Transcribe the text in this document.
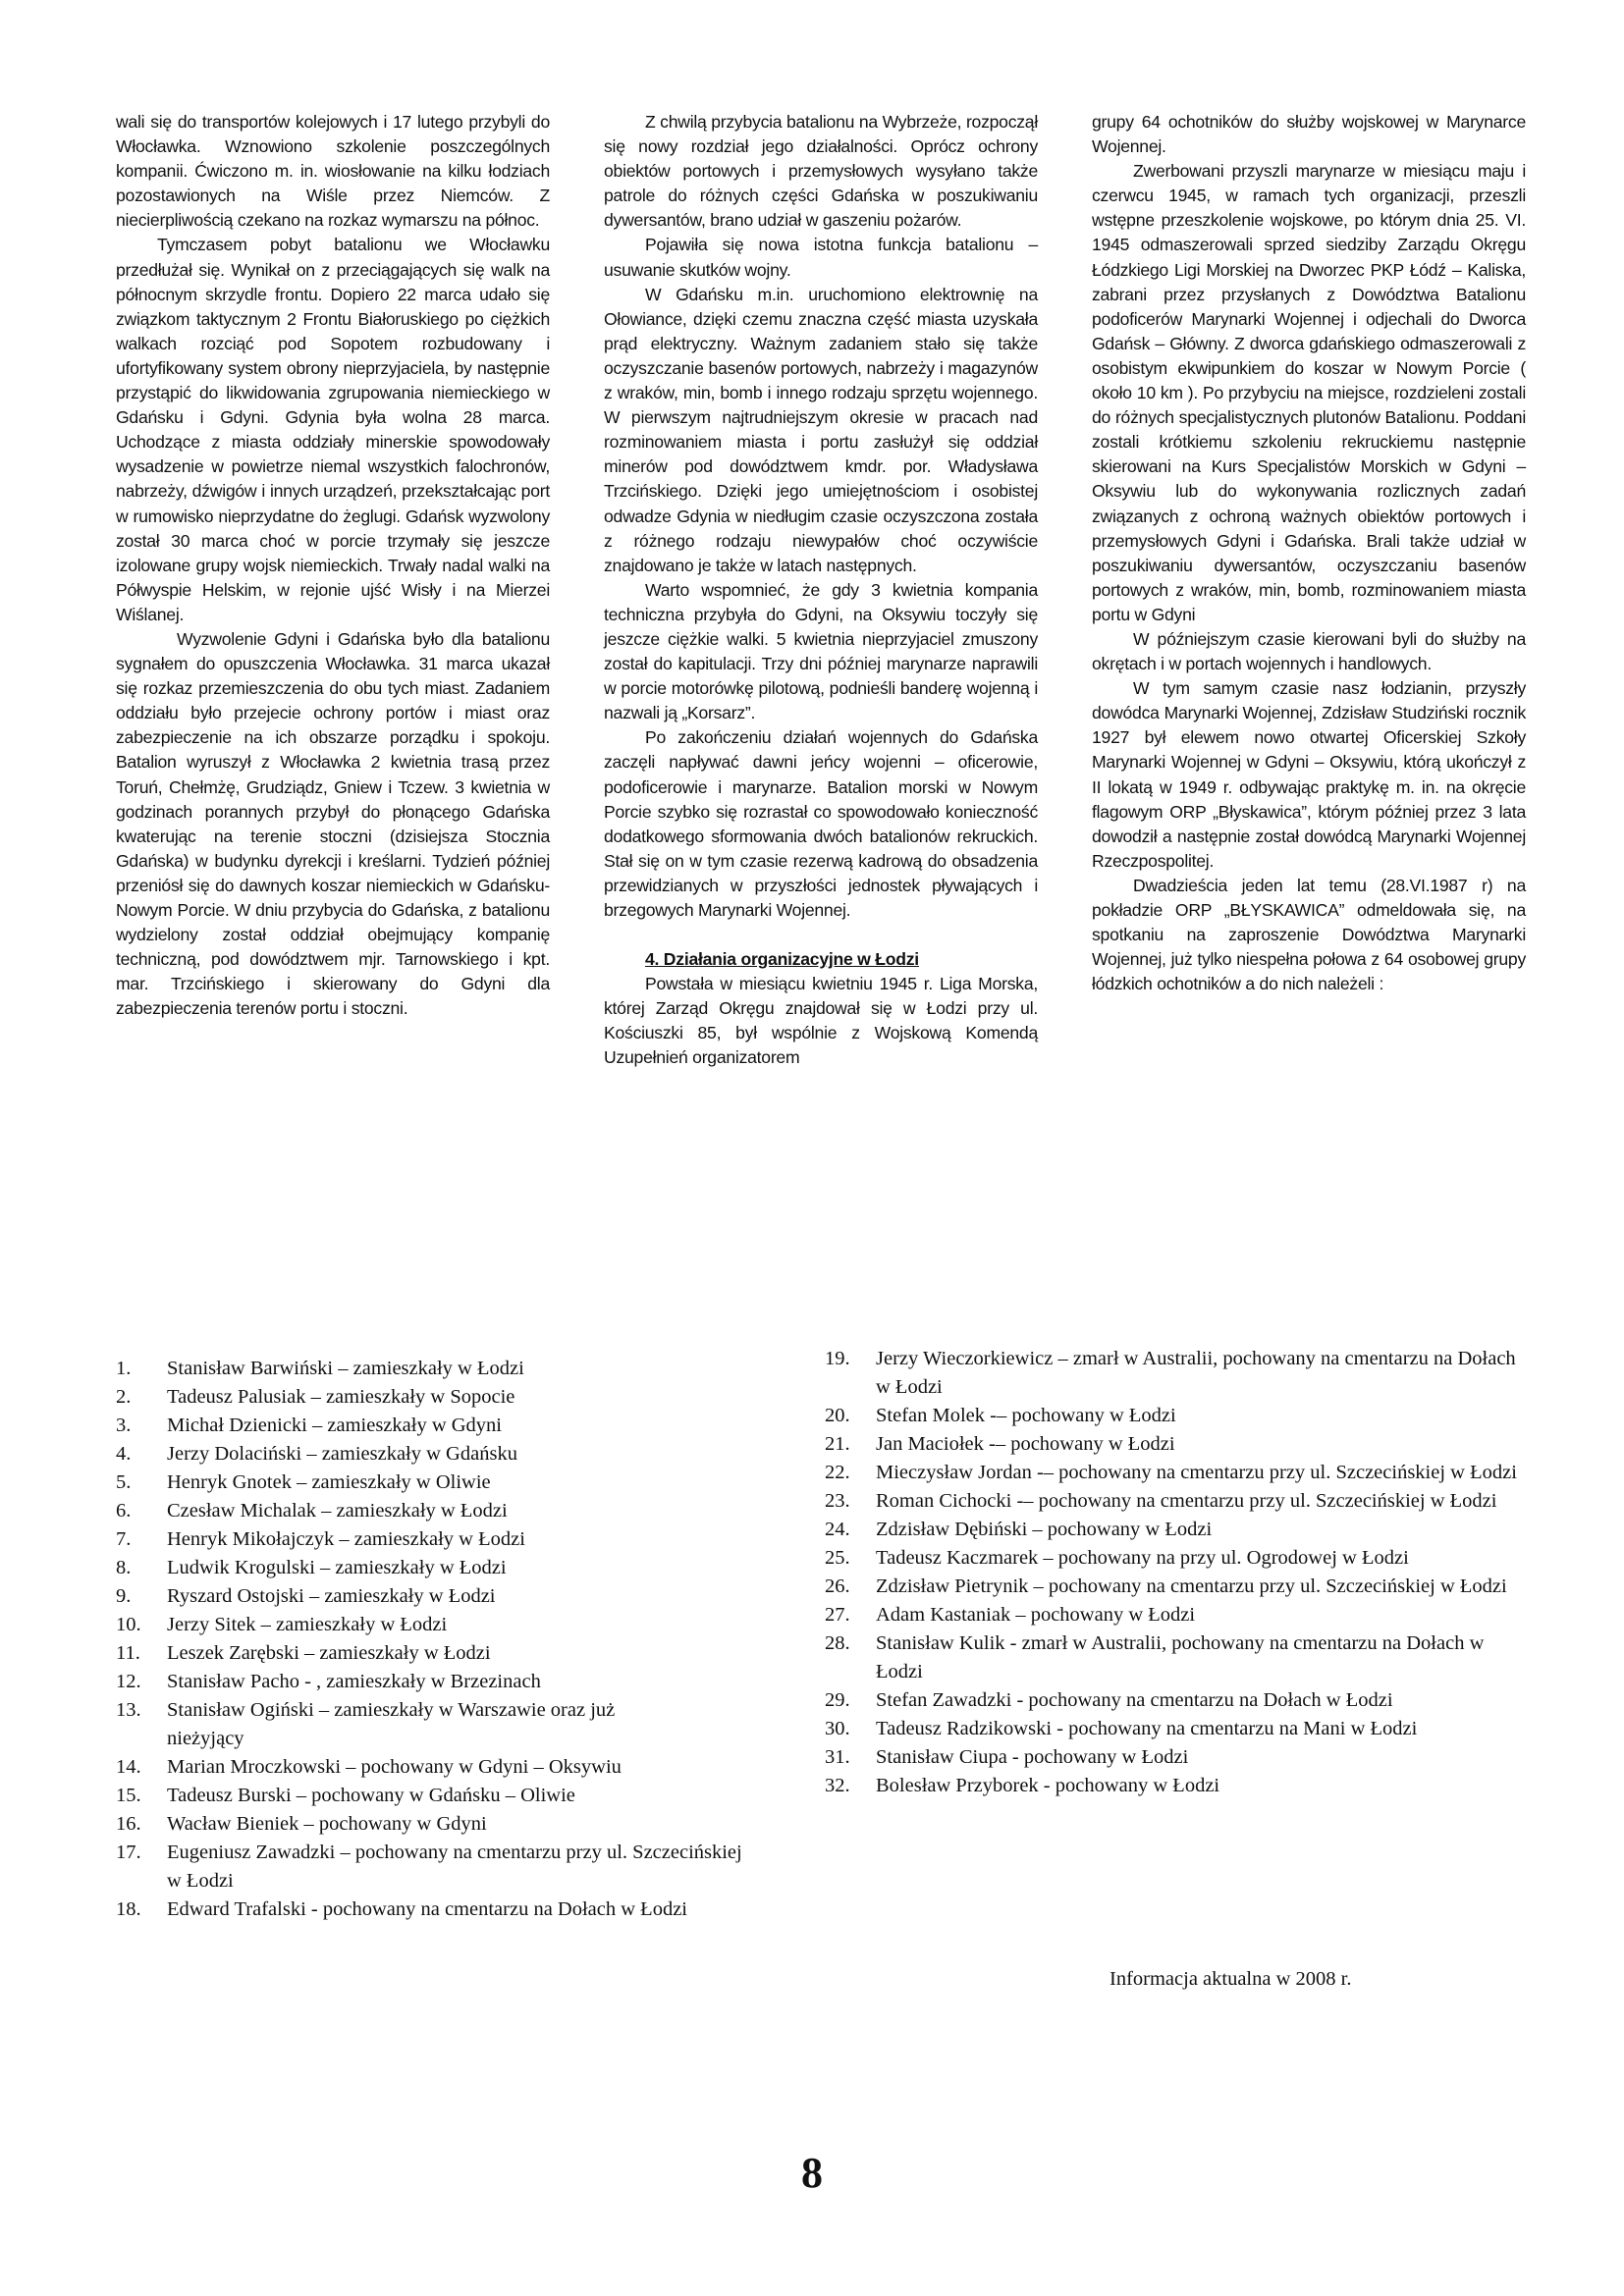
wali się do transportów kolejowych i 17 lutego przybyli do Włocławka. Wznowiono szkolenie poszczególnych kompanii. Ćwiczono m. in. wiosłowanie na kilku łodziach pozostawionych na Wiśle przez Niemców. Z niecierpliwością czekano na rozkaz wymarszu na północ.

Tymczasem pobyt batalionu we Włocławku przedłużał się. Wynikał on z przeciągających się walk na północnym skrzydle frontu. Dopiero 22 marca udało się związkom taktycznym 2 Frontu Białoruskiego po ciężkich walkach rozciąć pod Sopotem rozbudowany i ufortyfikowany system obrony nieprzyjaciela, by następnie przystąpić do likwidowania zgrupowania niemieckiego w Gdańsku i Gdyni. Gdynia była wolna 28 marca. Uchodzące z miasta oddziały minerskie spowodowały wysadzenie w powietrze niemal wszystkich falochronów, nabrzeży, dźwigów i innych urządzeń, przekształcając port w rumowisko nieprzydatne do żeglugi. Gdańsk wyzwolony został 30 marca choć w porcie trzymały się jeszcze izolowane grupy wojsk niemieckich. Trwały nadal walki na Półwyspie Helskim, w rejonie ujść Wisły i na Mierzei Wiślanej.

Wyzwolenie Gdyni i Gdańska było dla batalionu sygnałem do opuszczenia Włocławka. 31 marca ukazał się rozkaz przemieszczenia do obu tych miast. Zadaniem oddziału było przejecie ochrony portów i miast oraz zabezpieczenie na ich obszarze porządku i spokoju. Batalion wyruszył z Włocławka 2 kwietnia trasą przez Toruń, Chełmżę, Grudziądz, Gniew i Tczew. 3 kwietnia w godzinach porannych przybył do płonącego Gdańska kwaterując na terenie stoczni (dzisiejsza Stocznia Gdańska) w budynku dyrekcji i kreślarni. Tydzień później przeniósł się do dawnych koszar niemieckich w Gdańsku-Nowym Porcie. W dniu przybycia do Gdańska, z batalionu wydzielony został oddział obejmujący kompanię techniczną, pod dowództwem mjr. Tarnowskiego i kpt. mar. Trzcińskiego i skierowany do Gdyni dla zabezpieczenia terenów portu i stoczni.

Z chwilą przybycia batalionu na Wybrzeże, rozpoczął się nowy rozdział jego działalności. Oprócz ochrony obiektów portowych i przemysłowych wysyłano także patrole do różnych części Gdańska w poszukiwaniu dywersantów, brano udział w gaszeniu pożarów.

Pojawiła się nowa istotna funkcja batalionu – usuwanie skutków wojny.

W Gdańsku m.in. uruchomiono elektrownię na Ołowiance, dzięki czemu znaczna część miasta uzyskała prąd elektryczny. Ważnym zadaniem stało się także oczyszczanie basenów portowych, nabrzeży i magazynów z wraków, min, bomb i innego rodzaju sprzętu wojennego. W pierwszym najtrudniejszym okresie w pracach nad rozminowaniem miasta i portu zasłużył się oddział minerów pod dowództwem kmdr. por. Władysława Trzcińskiego. Dzięki jego umiejętnościom i osobistej odwadze Gdynia w niedługim czasie oczyszczona została z różnego rodzaju niewypałów choć oczywiście znajdowano je także w latach następnych.

Warto wspomnieć, że gdy 3 kwietnia kompania techniczna przybyła do Gdyni, na Oksywiu toczyły się jeszcze ciężkie walki. 5 kwietnia nieprzyjaciel zmuszony został do kapitulacji. Trzy dni później marynarze naprawili w porcie motorówkę pilotową, podnieśli banderę wojenną i nazwali ją „Korsarz”.

Po zakończeniu działań wojennych do Gdańska zaczęli napływać dawni jeńcy wojenni – oficerowie, podoficerowie i marynarze. Batalion morski w Nowym Porcie szybko się rozrastał co spowodowało konieczność dodatkowego sformowania dwóch batalionów rekruckich. Stał się on w tym czasie rezerwą kadrową do obsadzenia przewidzianych w przyszłości jednostek pływających i brzegowych Marynarki Wojennej.

4. Działania organizacyjne w Łodzi

Powstała w miesiącu kwietniu 1945 r. Liga Morska, której Zarząd Okręgu znajdował się w Łodzi przy ul. Kościuszki 85, był wspólnie z Wojskową Komendą Uzupełnień organizatorem

grupy 64 ochotników do służby wojskowej w Marynarce Wojennej.

Zwerbowani przyszli marynarze w miesiącu maju i czerwcu 1945, w ramach tych organizacji, przeszli wstępne przeszkolenie wojskowe, po którym dnia 25. VI. 1945 odmaszerowali sprzed siedziby Zarządu Okręgu Łódzkiego Ligi Morskiej na Dworzec PKP Łódź – Kaliska, zabrani przez przysłanych z Dowództwa Batalionu podoficerów Marynarki Wojennej i odjechali do Dworca Gdańsk – Główny. Z dworca gdańskiego odmaszerowali z osobistym ekwipunkiem do koszar w Nowym Porcie ( około 10 km ). Po przybyciu na miejsce, rozdzieleni zostali do różnych specjalistycznych plutonów Batalionu. Poddani zostali krótkiemu szkoleniu rekruckiemu następnie skierowani na Kurs Specjalistów Morskich w Gdyni – Oksywiu lub do wykonywania rozlicznych zadań związanych z ochroną ważnych obiektów portowych i przemysłowych Gdyni i Gdańska. Brali także udział w poszukiwaniu dywersantów, oczyszczaniu basenów portowych z wraków, min, bomb, rozminowaniem miasta portu w Gdyni

W późniejszym czasie kierowani byli do służby na okrętach i w portach wojennych i handlowych.

W tym samym czasie nasz łodzianin, przyszły dowódca Marynarki Wojennej, Zdzisław Studziński rocznik 1927 był elewem nowo otwartej Oficerskiej Szkoły Marynarki Wojennej w Gdyni – Oksywiu, którą ukończył z II lokatą w 1949 r. odbywając praktykę m. in. na okręcie flagowym ORP „Błyskawica”, którym później przez 3 lata dowodził a następnie został dowódcą Marynarki Wojennej Rzeczpospolitej.

Dwadzieścia jeden lat temu (28.VI.1987 r) na pokładzie ORP „BŁYSKAWICA” odmeldowała się, na spotkaniu na zaproszenie Dowództwa Marynarki Wojennej, już tylko niespełna połowa z 64 osobowej grupy łódzkich ochotników a do nich należeli :

1.	Stanisław Barwiński – zamieszkały w Łodzi
2.	Tadeusz Palusiak – zamieszkały w Sopocie
3.	Michał Dzienicki – zamieszkały w Gdyni
4.	Jerzy Dolaciński – zamieszkały w Gdańsku
5.	Henryk Gnotek – zamieszkały w Oliwie
6.	Czesław Michalak – zamieszkały w Łodzi
7.	Henryk Mikołajczyk – zamieszkały w Łodzi
8.	Ludwik Krogulski – zamieszkały w Łodzi
9.	Ryszard Ostojski – zamieszkały w Łodzi
10.	Jerzy Sitek – zamieszkały w Łodzi
11.	Leszek Zarębski – zamieszkały w Łodzi
12.	Stanisław Pacho - , zamieszkały w Brzezinach
13.	Stanisław Ogiński – zamieszkały w Warszawie oraz już nieżyjący
14.	Marian Mroczkowski – pochowany w Gdyni – Oksywiu
15.	Tadeusz Burski – pochowany w Gdańsku – Oliwie
16.	Wacław Bieniek – pochowany w Gdyni
17.	Eugeniusz Zawadzki – pochowany na cmentarzu przy ul. Szczecińskiej w Łodzi
18.	Edward Trafalski - pochowany na cmentarzu na Dołach w Łodzi
19.	Jerzy Wieczorkiewicz – zmarł w Australii, pochowany na cmentarzu na Dołach w Łodzi
20.	Stefan Molek -– pochowany w Łodzi
21.	Jan Maciołek -– pochowany w Łodzi
22.	Mieczysław Jordan -– pochowany na cmentarzu przy ul. Szczecińskiej w Łodzi
23.	Roman Cichocki -– pochowany na cmentarzu przy ul. Szczecińskiej w Łodzi
24.	Zdzisław Dębiński – pochowany w Łodzi
25.	Tadeusz Kaczmarek – pochowany na przy ul. Ogrodowej w Łodzi
26.	Zdzisław Pietrynik – pochowany na cmentarzu przy ul. Szczecińskiej w Łodzi
27.	Adam Kastaniak – pochowany w Łodzi
28.	Stanisław Kulik - zmarł w Australii, pochowany na cmentarzu na Dołach w Łodzi
29.	Stefan Zawadzki - pochowany na cmentarzu na Dołach w Łodzi
30.	Tadeusz Radzikowski - pochowany na cmentarzu na Mani w Łodzi
31.	Stanisław Ciupa - pochowany w Łodzi
32.	Bolesław Przyborek - pochowany w Łodzi
Informacja aktualna w 2008 r.
8
